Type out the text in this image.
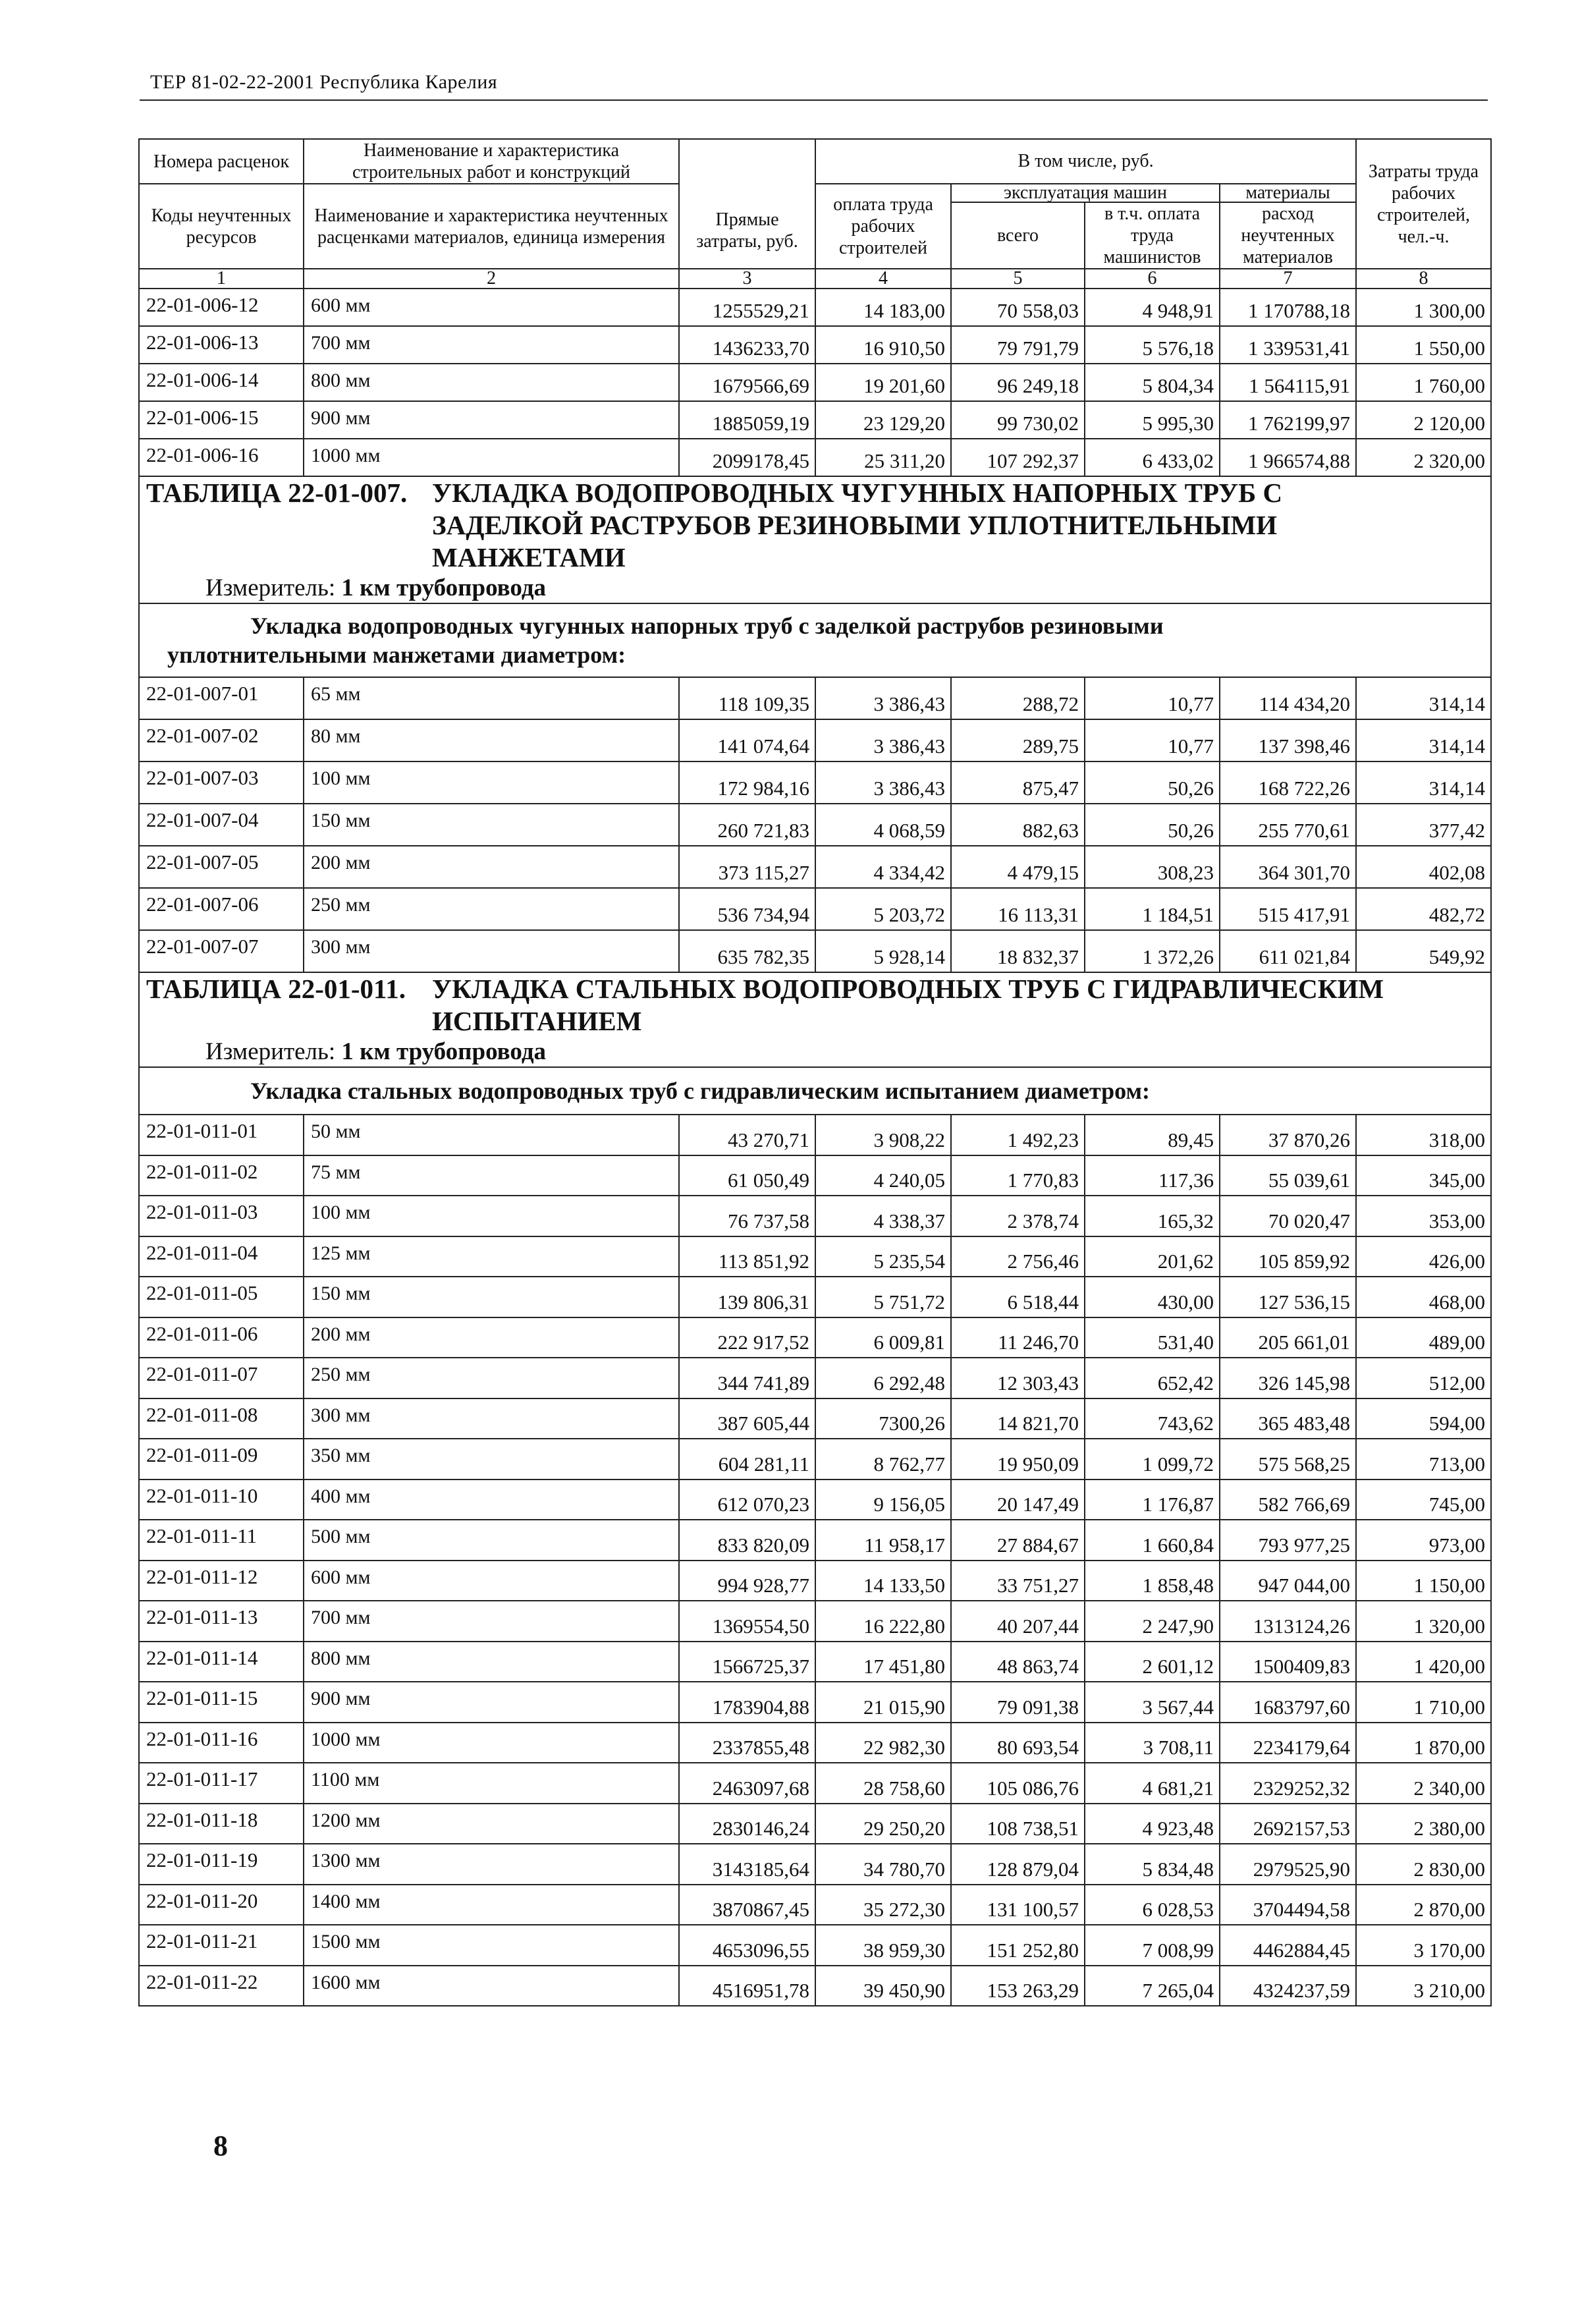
ТЕР 81-02-22-2001 Республика Карелия
Номера расценок	Наименование и характеристика строительных работ и конструкций	Прямые затраты, руб.	В том числе, руб.				Затраты труда рабочих строителей, чел.-ч.
Коды неучтенных ресурсов	Наименование и характеристика неучтенных расценками материалов, единица измерения		оплата труда рабочих строителей	эксплуатация машин		материалы	
				всего	в т.ч. оплата труда машинистов	расход неучтенных материалов	
1	2	3	4	5	6	7	8
22-01-006-12	600 мм	1255529,21	14 183,00	70 558,03	4 948,91	1 170788,18	1 300,00
22-01-006-13	700 мм	1436233,70	16 910,50	79 791,79	5 576,18	1 339531,41	1 550,00
22-01-006-14	800 мм	1679566,69	19 201,60	96 249,18	5 804,34	1 564115,91	1 760,00
22-01-006-15	900 мм	1885059,19	23 129,20	99 730,02	5 995,30	1 762199,97	2 120,00
22-01-006-16	1000 мм	2099178,45	25 311,20	107 292,37	6 433,02	1 966574,88	2 320,00

ТАБЛИЦА 22-01-007. УКЛАДКА ВОДОПРОВОДНЫХ ЧУГУННЫХ НАПОРНЫХ ТРУБ С
ЗАДЕЛКОЙ РАСТРУБОВ РЕЗИНОВЫМИ УПЛОТНИТЕЛЬНЫМИ
МАНЖЕТАМИ
Измеритель: 1 км трубопровода							

Укладка водопроводных чугунных напорных труб с заделкой раструбов резиновыми
уплотнительными манжетами диаметром:							

22-01-007-01	65 мм	118 109,35	3 386,43	288,72	10,77	114 434,20	314,14
22-01-007-02	80 мм	141 074,64	3 386,43	289,75	10,77	137 398,46	314,14
22-01-007-03	100 мм	172 984,16	3 386,43	875,47	50,26	168 722,26	314,14
22-01-007-04	150 мм	260 721,83	4 068,59	882,63	50,26	255 770,61	377,42
22-01-007-05	200 мм	373 115,27	4 334,42	4 479,15	308,23	364 301,70	402,08
22-01-007-06	250 мм	536 734,94	5 203,72	16 113,31	1 184,51	515 417,91	482,72
22-01-007-07	300 мм	635 782,35	5 928,14	18 832,37	1 372,26	611 021,84	549,92

ТАБЛИЦА 22-01-011. УКЛАДКА СТАЛЬНЫХ ВОДОПРОВОДНЫХ ТРУБ С ГИДРАВЛИЧЕСКИМ
ИСПЫТАНИЕМ
Измеритель: 1 км трубопровода							

Укладка стальных водопроводных труб с гидравлическим испытанием диаметром:							

22-01-011-01	50 мм	43 270,71	3 908,22	1 492,23	89,45	37 870,26	318,00
22-01-011-02	75 мм	61 050,49	4 240,05	1 770,83	117,36	55 039,61	345,00
22-01-011-03	100 мм	76 737,58	4 338,37	2 378,74	165,32	70 020,47	353,00
22-01-011-04	125 мм	113 851,92	5 235,54	2 756,46	201,62	105 859,92	426,00
22-01-011-05	150 мм	139 806,31	5 751,72	6 518,44	430,00	127 536,15	468,00
22-01-011-06	200 мм	222 917,52	6 009,81	11 246,70	531,40	205 661,01	489,00
22-01-011-07	250 мм	344 741,89	6 292,48	12 303,43	652,42	326 145,98	512,00
22-01-011-08	300 мм	387 605,44	7300,26	14 821,70	743,62	365 483,48	594,00
22-01-011-09	350 мм	604 281,11	8 762,77	19 950,09	1 099,72	575 568,25	713,00
22-01-011-10	400 мм	612 070,23	9 156,05	20 147,49	1 176,87	582 766,69	745,00
22-01-011-11	500 мм	833 820,09	11 958,17	27 884,67	1 660,84	793 977,25	973,00
22-01-011-12	600 мм	994 928,77	14 133,50	33 751,27	1 858,48	947 044,00	1 150,00
22-01-011-13	700 мм	1369554,50	16 222,80	40 207,44	2 247,90	1313124,26	1 320,00
22-01-011-14	800 мм	1566725,37	17 451,80	48 863,74	2 601,12	1500409,83	1 420,00
22-01-011-15	900 мм	1783904,88	21 015,90	79 091,38	3 567,44	1683797,60	1 710,00
22-01-011-16	1000 мм	2337855,48	22 982,30	80 693,54	3 708,11	2234179,64	1 870,00
22-01-011-17	1100 мм	2463097,68	28 758,60	105 086,76	4 681,21	2329252,32	2 340,00
22-01-011-18	1200 мм	2830146,24	29 250,20	108 738,51	4 923,48	2692157,53	2 380,00
22-01-011-19	1300 мм	3143185,64	34 780,70	128 879,04	5 834,48	2979525,90	2 830,00
22-01-011-20	1400 мм	3870867,45	35 272,30	131 100,57	6 028,53	3704494,58	2 870,00
22-01-011-21	1500 мм	4653096,55	38 959,30	151 252,80	7 008,99	4462884,45	3 170,00
22-01-011-22	1600 мм	4516951,78	39 450,90	153 263,29	7 265,04	4324237,59	3 210,00
8
